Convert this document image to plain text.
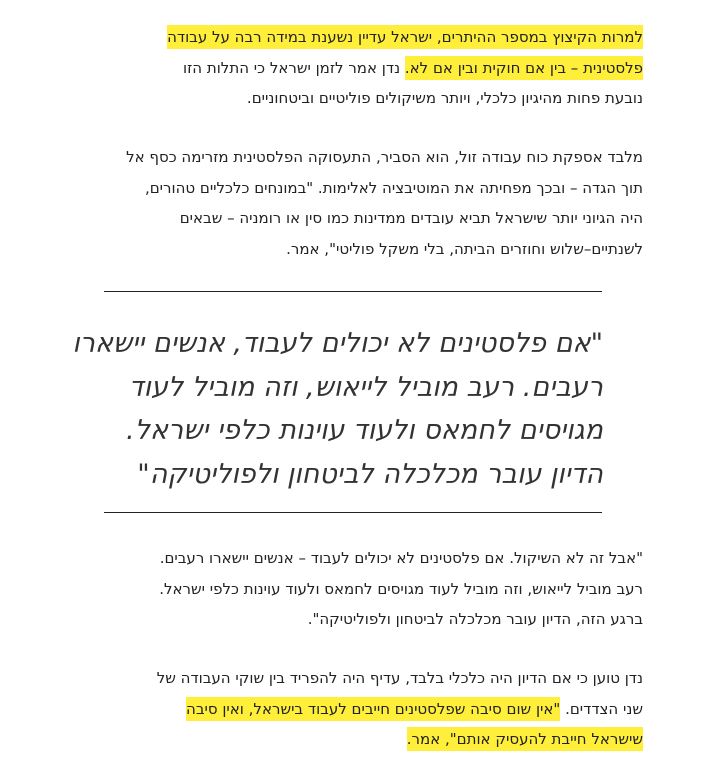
למרות הקיצוץ במספר ההיתרים, ישראל עדיין נשענת במידה רבה על עבודה
פלסטינית – בין אם חוקית ובין אם לא. נדן אמר לזמן ישראל כי התלות הזו
נובעת פחות מהיגיון כלכלי, ויותר משיקולים פוליטיים וביטחוניים.

מלבד אספקת כוח עבודה זול, הוא הסביר, התעסוקה הפלסטינית מזרימה כסף אל
תוך הגדה – ובכך מפחיתה את המוטיבציה לאלימות. "במונחים כלכליים טהורים,
היה הגיוני יותר שישראל תביא עובדים ממדינות כמו סין או רומניה – שבאים
לשנתיים–שלוש וחוזרים הביתה, בלי משקל פוליטי", אמר.

"אם פלסטינים לא יכולים לעבוד, אנשים יישארו
רעבים. רעב מוביל לייאוש, וזה מוביל לעוד
מגויסים לחמאס ולעוד עוינות כלפי ישראל.
הדיון עובר מכלכלה לביטחון ולפוליטיקה"

"אבל זה לא השיקול. אם פלסטינים לא יכולים לעבוד – אנשים יישארו רעבים.
רעב מוביל לייאוש, וזה מוביל לעוד מגויסים לחמאס ולעוד עוינות כלפי ישראל.
ברגע הזה, הדיון עובר מכלכלה לביטחון ולפוליטיקה".

נדן טוען כי אם הדיון היה כלכלי בלבד, עדיף היה להפריד בין שוקי העבודה של
שני הצדדים. "אין שום סיבה שפלסטינים חייבים לעבוד בישראל, ואין סיבה
שישראל חייבת להעסיק אותם", אמר.
